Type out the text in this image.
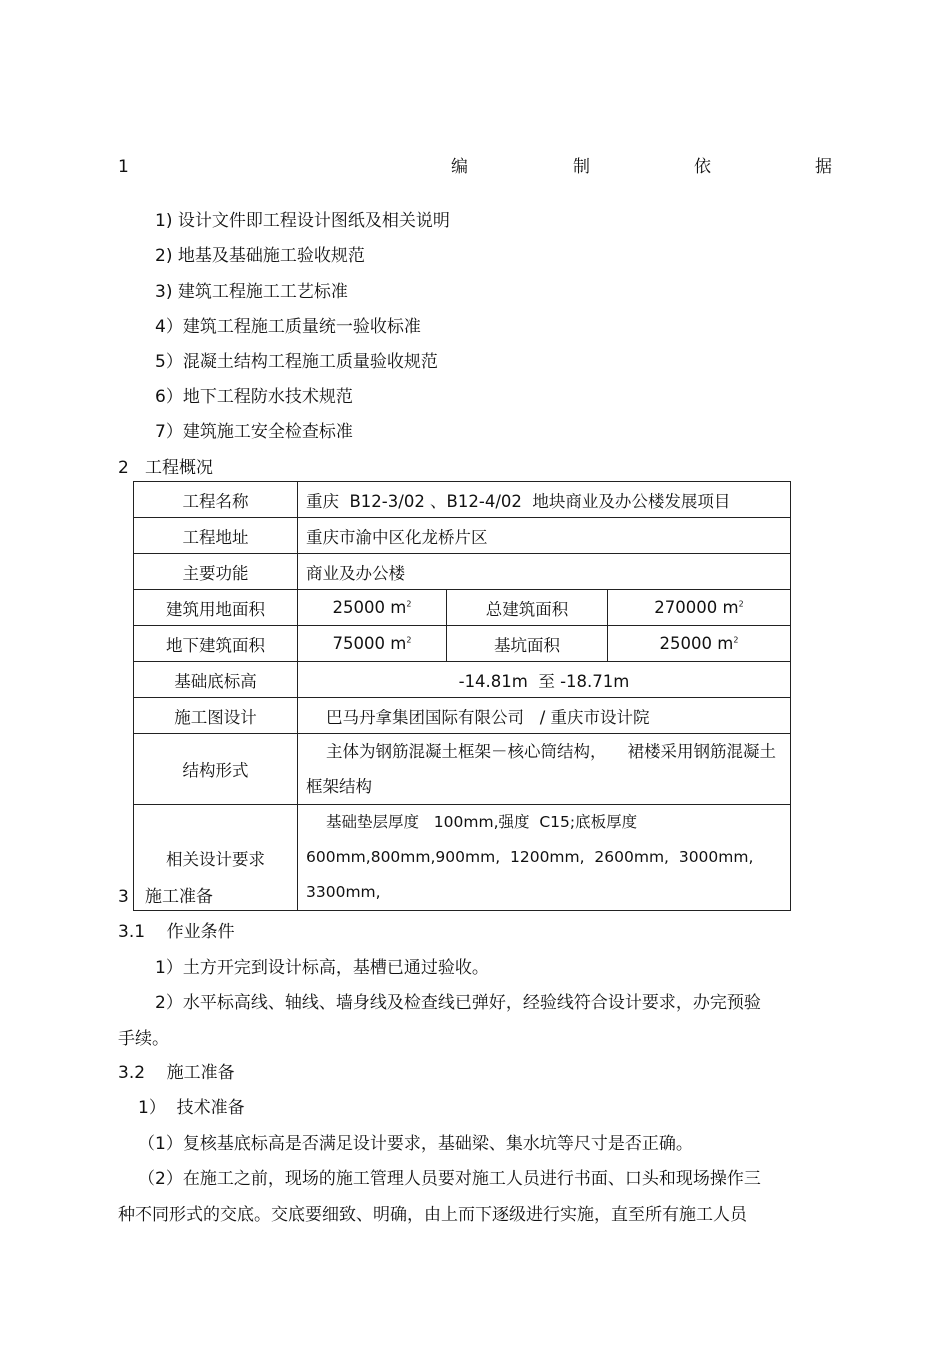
1	编	制	依	据
1) 设计文件即工程设计图纸及相关说明
2) 地基及基础施工验收规范
3) 建筑工程施工工艺标准
4）建筑工程施工质量统一验收标准
5）混凝土结构工程施工质量验收规范
6）地下工程防水技术规范
7）建筑施工安全检查标准
2   工程概况
工程名称	重庆  B12-3/02 、B12-4/02  地块商业及办公楼发展项目		
工程地址	重庆市渝中区化龙桥片区		
主要功能	商业及办公楼		
建筑用地面积	25000 $m^2$	总建筑面积	270000 $m^2$
地下建筑面积	75000 $m^2$	基坑面积	25000 $m^2$
基础底标高	-14.81m  至 -18.71m		
施工图设计	巴马丹拿集团国际有限公司   / 重庆市设计院		
结构形式	主体为钢筋混凝土框架－核心筒结构，    裙楼采用钢筋混凝土框架结构		
相关设计要求	基础垫层厚度   100mm,强度  C15;底板厚度   600mm,800mm,900mm,  1200mm,  2600mm,  3000mm,  3300mm,		
3   施工准备
3.1    作业条件
1）土方开完到设计标高，基槽已通过验收。
2）水平标高线、轴线、墙身线及检查线已弹好，经验线符合设计要求，办完预验
手续。
3.2    施工准备
1）  技术准备
（1）复核基底标高是否满足设计要求，基础梁、集水坑等尺寸是否正确。
（2）在施工之前，现场的施工管理人员要对施工人员进行书面、口头和现场操作三
种不同形式的交底。交底要细致、明确，由上而下逐级进行实施，直至所有施工人员
